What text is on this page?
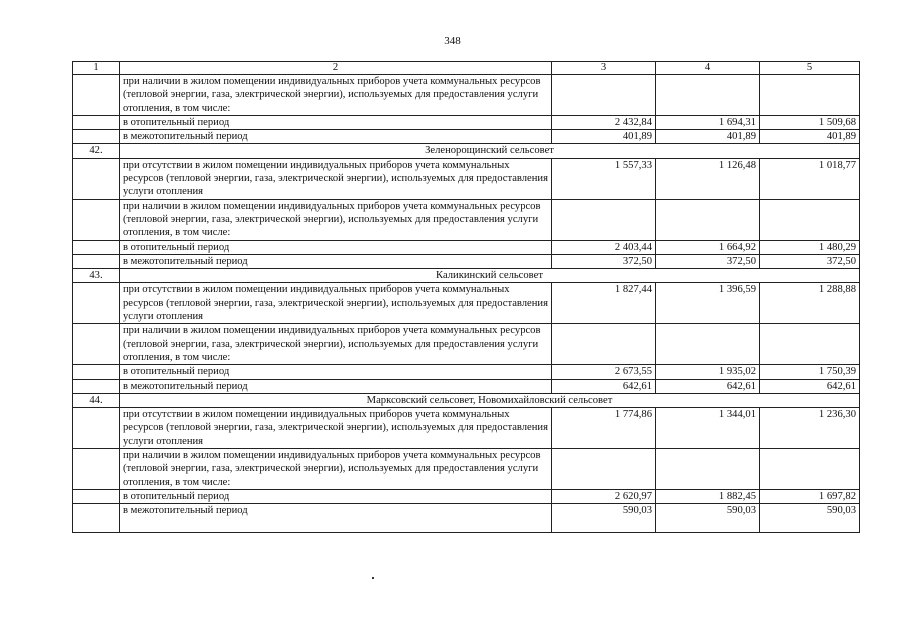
348
1	2	3	4	5
	при наличии в жилом помещении индивидуальных приборов учета коммунальных ресурсов (тепловой энергии, газа, электрической энергии), используемых для предоставления услуги отопления, в том числе:			
	в отопительный период	2 432,84	1 694,31	1 509,68
	в межотопительный период	401,89	401,89	401,89
42.	Зеленорощинский сельсовет			
	при отсутствии в жилом помещении индивидуальных приборов учета коммунальных ресурсов (тепловой энергии, газа, электрической энергии), используемых для предоставления услуги отопления	1 557,33	1 126,48	1 018,77
	при наличии в жилом помещении индивидуальных приборов учета коммунальных ресурсов (тепловой энергии, газа, электрической энергии), используемых для предоставления услуги отопления, в том числе:			
	в отопительный период	2 403,44	1 664,92	1 480,29
	в межотопительный период	372,50	372,50	372,50
43.	Каликинский сельсовет			
	при отсутствии в жилом помещении индивидуальных приборов учета коммунальных ресурсов (тепловой энергии, газа, электрической энергии), используемых для предоставления услуги отопления	1 827,44	1 396,59	1 288,88
	при наличии в жилом помещении индивидуальных приборов учета коммунальных ресурсов (тепловой энергии, газа, электрической энергии), используемых для предоставления услуги отопления, в том числе:			
	в отопительный период	2 673,55	1 935,02	1 750,39
	в межотопительный период	642,61	642,61	642,61
44.	Марксовский сельсовет, Новомихайловский сельсовет			
	при отсутствии в жилом помещении индивидуальных приборов учета коммунальных ресурсов (тепловой энергии, газа, электрической энергии), используемых для предоставления услуги отопления	1 774,86	1 344,01	1 236,30
	при наличии в жилом помещении индивидуальных приборов учета коммунальных ресурсов (тепловой энергии, газа, электрической энергии), используемых для предоставления услуги отопления, в том числе:			
	в отопительный период	2 620,97	1 882,45	1 697,82
	в межотопительный период	590,03	590,03	590,03
